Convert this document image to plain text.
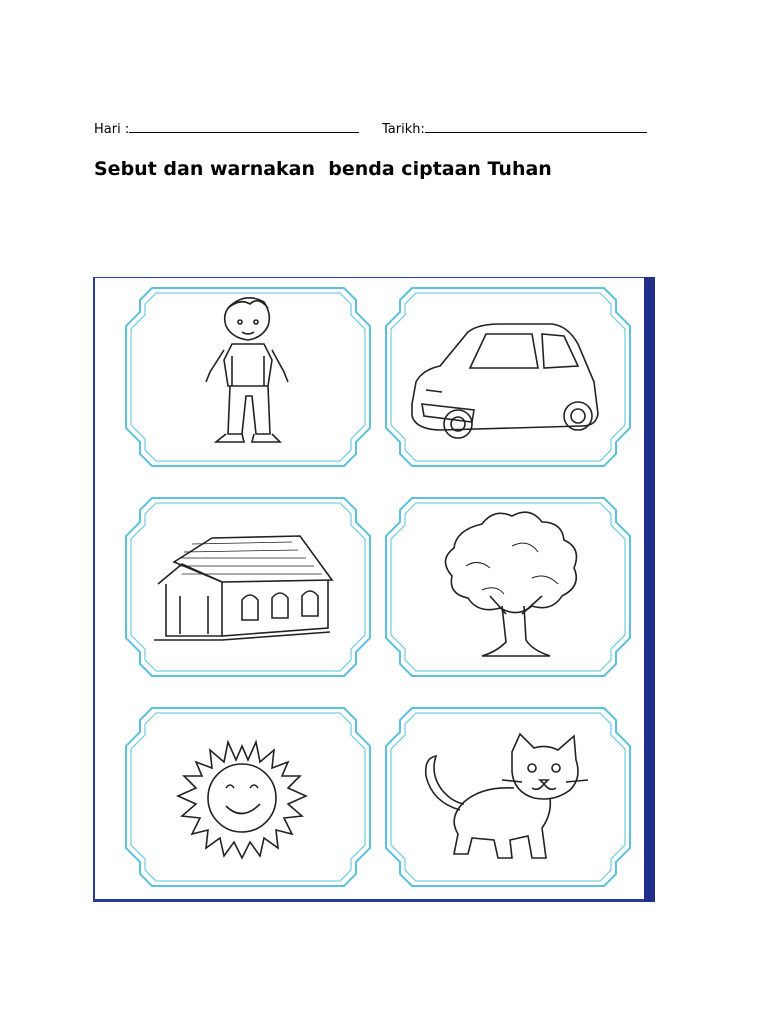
Hari :	Tarikh:
Sebut dan warnakan  benda ciptaan Tuhan
